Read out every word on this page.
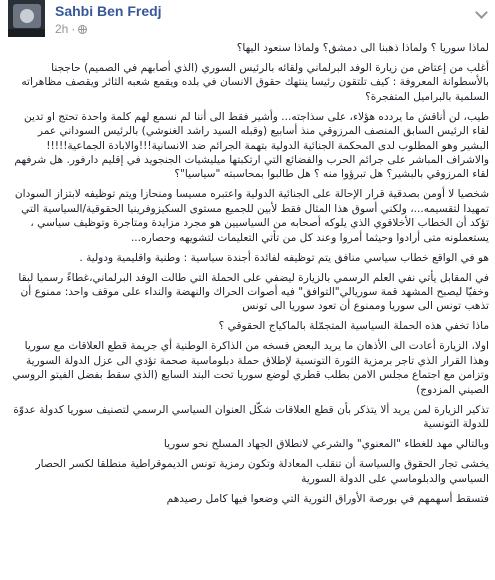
Sahbi Ben Fredj
2h ·

لماذا سوريا ؟ ولماذا ذهبنا الى دمشق؟ ولماذا سنعود اليها؟

أغلب من إعتاض من زيارة الوفد البرلماني ولقائه بالرئيس السوري (الذي أصابهم في الصميم) حاججنا بالأسطوانة المعروفة : كيف تلتقون رئيسا ينتهك حقوق الانسان في بلده ويقمع شعبه الثائر ويقصف مظاهراته السلمية بالبراميل المتفجرة؟

طيب، لن أناقش ما يردده هؤلاء، على سذاجته... وأشير فقط الى أننا لم نسمع لهم كلمة واحدة تحتج او تدين لقاء الرئيس السابق المنصف المرزوقي منذ أسابيع (وقبله السيد راشد الغنوشي) بالرئيس السوداني عمر البشير وهو المطلوب لدى المحكمة الجنائية الدولية بتهمة الجرائم ضد الانسانية!!!والابادة الجماعية!!!!! والاشراف المباشر على جرائم الحرب والفضائع التي ارتكبتها ميليشيات الجنجويد في إقليم دارفور. هل شرفهم لقاء المرزوقي بالبشير؟ هل تبرؤوا منه ؟ هل طالبوا بمحاسبته "سياسيا"؟

شخصيا لا أومن بصدقية قرار الإحالة على الجنائية الدولية واعتبره مسيسا ومنحازا ويتم توظيفه لابتزاز السودان تمهيدا لتقسيمه...، ولكني أسوق هذا المثال فقط لأبين للجميع مستوى السكيزوفرينيا الحقوقية/السياسية التي تؤكد أن الخطاب الأخلاقوي الذي يلوكه أصحابه من السياسيين هو مجرد مزايدة ومتاجرة وتوظيف سياسي ، يستعملونه متى أرادوا وحيثما أمروا وعند كل من تأتي التعليمات لتشويهه وحصاره...

هو في الواقع خطاب سياسي منافق يتم توظيفه لفائدة أجندة سياسية : وطنية واقليمية ودولية .

في المقابل يأتي نفي العلم الرسمي بالزيارة ليضفي على الحملة التي طالت الوفد البرلماني،غطاءً رسميا لبقا وخفيّا ليصبح المشهد قمة سوريالي"التوافق" فيه أصوات الحراك والنهضة والنداء على موقف واحد: ممنوع أن تذهب تونس الى سوريا وممنوع أن تعود سوريا الى تونس

ماذا تخفي هذه الحملة السياسية المتجمّلة بالماكياج الحقوقي ؟

اولا، الزيارة أعادت الى الأذهان ما يريد البعض فسخه من الذاكرة الوطنية أي جريمة قطع العلاقات مع سوريا وهذا القرار الذي تاجر برمزية الثورة التونسية لإطلاق حملة دبلوماسية صحمة تؤدي الى عزل الدولة السورية وتزامن مع اجتماع مجلس الامن بطلب قطري لوضع سوريا تحت البند السابع (الذي سقط بفضل الفيتو الروسي الصيني المزدوج)

تذكير الزيارة لمن يريد ألا يتذكر بأن قطع العلاقات شكّل العنوان السياسي الرسمي لتصنيف سوريا كدولة عدوّة للدولة التونسية

وبالتالي مهد للغطاء "المعنوي" والشرعي لانطلاق الجهاد المسلح نحو سوريا

يخشى تجار الحقوق والسياسة أن تنقلب المعادلة وتكون رمزية تونس الديموقراطية منطلقا لكسر الحصار السياسي والدبلوماسي على الدولة السورية

فتسقط أسهمهم في بورصة الأوراق التورية التي وضعوا فيها كامل رصيدهم
